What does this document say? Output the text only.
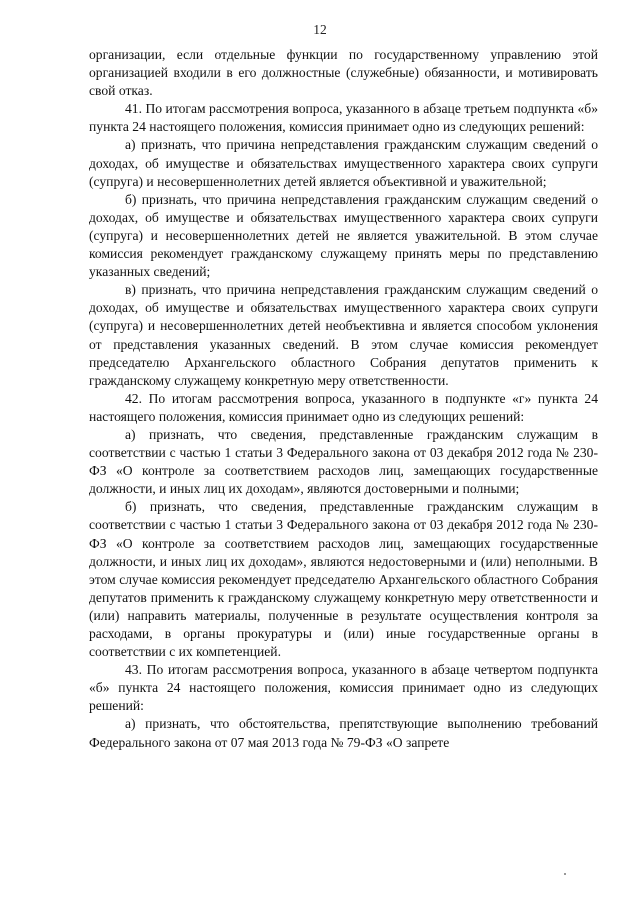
12

организации, если отдельные функции по государственному управлению этой организацией входили в его должностные (служебные) обязанности, и мотивировать свой отказ.

41. По итогам рассмотрения вопроса, указанного в абзаце третьем подпункта «б» пункта 24 настоящего положения, комиссия принимает одно из следующих решений:

а) признать, что причина непредставления гражданским служащим сведений о доходах, об имуществе и обязательствах имущественного характера своих супруги (супруга) и несовершеннолетних детей является объективной и уважительной;

б) признать, что причина непредставления гражданским служащим сведений о доходах, об имуществе и обязательствах имущественного характера своих супруги (супруга) и несовершеннолетних детей не является уважительной. В этом случае комиссия рекомендует гражданскому служащему принять меры по представлению указанных сведений;

в) признать, что причина непредставления гражданским служащим сведений о доходах, об имуществе и обязательствах имущественного характера своих супруги (супруга) и несовершеннолетних детей необъективна и является способом уклонения от представления указанных сведений. В этом случае комиссия рекомендует председателю Архангельского областного Собрания депутатов применить к гражданскому служащему конкретную меру ответственности.

42. По итогам рассмотрения вопроса, указанного в подпункте «г» пункта 24 настоящего положения, комиссия принимает одно из следующих решений:

а) признать, что сведения, представленные гражданским служащим в соответствии с частью 1 статьи 3 Федерального закона от 03 декабря 2012 года № 230-ФЗ «О контроле за соответствием расходов лиц, замещающих государственные должности, и иных лиц их доходам», являются достоверными и полными;

б) признать, что сведения, представленные гражданским служащим в соответствии с частью 1 статьи 3 Федерального закона от 03 декабря 2012 года № 230-ФЗ «О контроле за соответствием расходов лиц, замещающих государственные должности, и иных лиц их доходам», являются недостоверными и (или) неполными. В этом случае комиссия рекомендует председателю Архангельского областного Собрания депутатов применить к гражданскому служащему конкретную меру ответственности и (или) направить материалы, полученные в результате осуществления контроля за расходами, в органы прокуратуры и (или) иные государственные органы в соответствии с их компетенцией.

43. По итогам рассмотрения вопроса, указанного в абзаце четвертом подпункта «б» пункта 24 настоящего положения, комиссия принимает одно из следующих решений:

а) признать, что обстоятельства, препятствующие выполнению требований Федерального закона от 07 мая 2013 года № 79-ФЗ «О запрете
